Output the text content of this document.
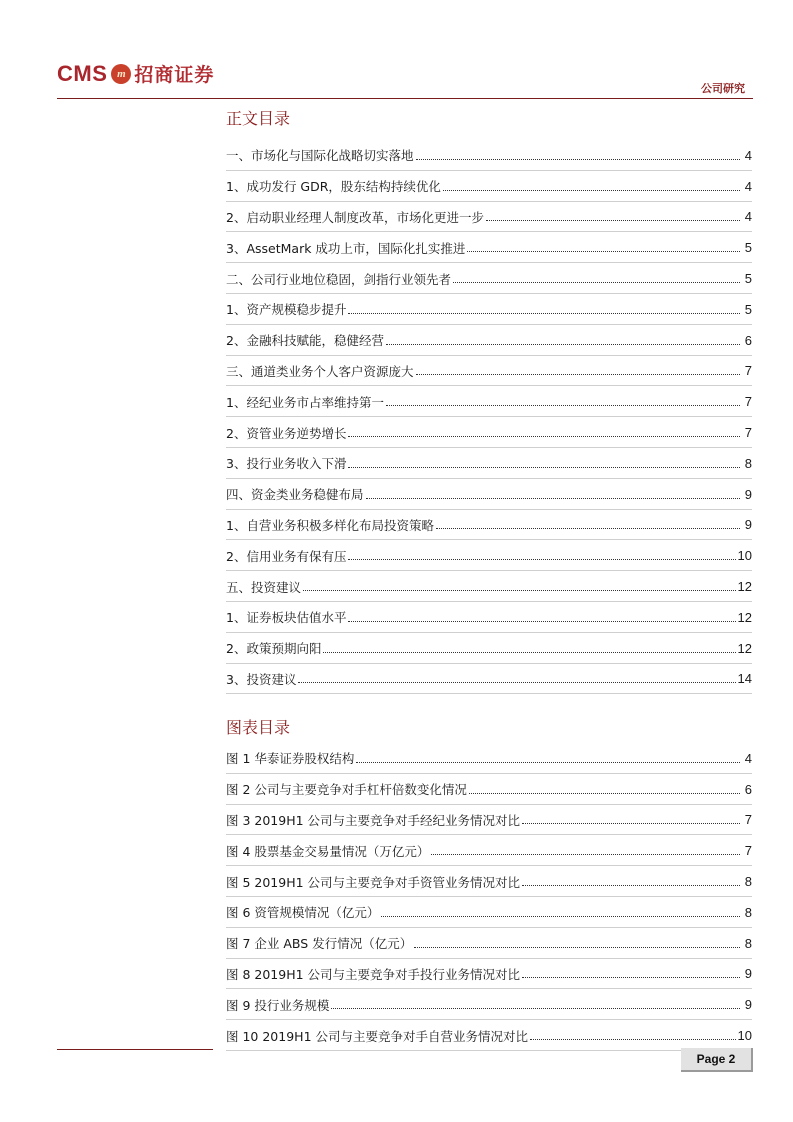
CMS m 招商证券
公司研究
正文目录
一、市场化与国际化战略切实落地	4
1、成功发行 GDR，股东结构持续优化	4
2、启动职业经理人制度改革，市场化更进一步	4
3、AssetMark 成功上市，国际化扎实推进	5
二、公司行业地位稳固，剑指行业领先者	5
1、资产规模稳步提升	5
2、金融科技赋能，稳健经营	6
三、通道类业务个人客户资源庞大	7
1、经纪业务市占率维持第一	7
2、资管业务逆势增长	7
3、投行业务收入下滑	8
四、资金类业务稳健布局	9
1、自营业务积极多样化布局投资策略	9
2、信用业务有保有压	10
五、投资建议	12
1、证券板块估值水平	12
2、政策预期向阳	12
3、投资建议	14
图表目录
图 1 华泰证券股权结构	4
图 2 公司与主要竞争对手杠杆倍数变化情况	6
图 3 2019H1 公司与主要竞争对手经纪业务情况对比	7
图 4 股票基金交易量情况（万亿元）	7
图 5 2019H1 公司与主要竞争对手资管业务情况对比	8
图 6 资管规模情况（亿元）	8
图 7 企业 ABS 发行情况（亿元）	8
图 8 2019H1 公司与主要竞争对手投行业务情况对比	9
图 9 投行业务规模	9
图 10 2019H1 公司与主要竞争对手自营业务情况对比	10
Page 2
